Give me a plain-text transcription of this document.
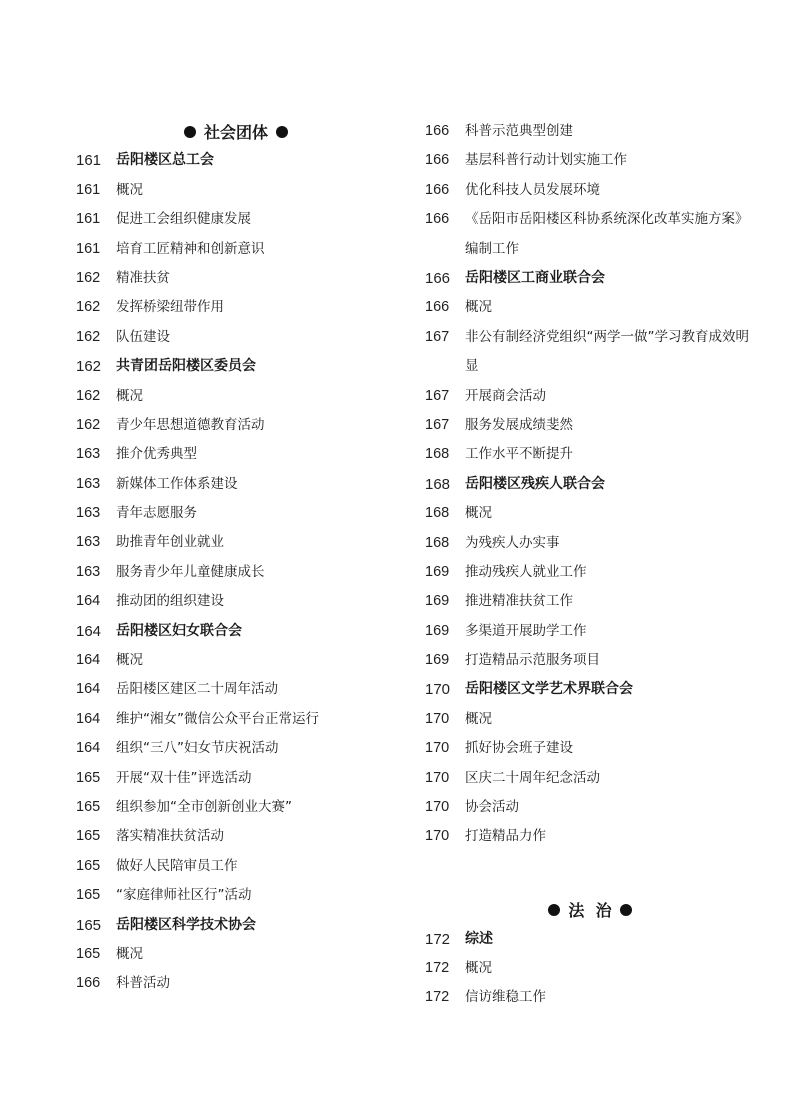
社会团体
161	岳阳楼区总工会
161	概况
161	促进工会组织健康发展
161	培育工匠精神和创新意识
162	精准扶贫
162	发挥桥梁纽带作用
162	队伍建设
162	共青团岳阳楼区委员会
162	概况
162	青少年思想道德教育活动
163	推介优秀典型
163	新媒体工作体系建设
163	青年志愿服务
163	助推青年创业就业
163	服务青少年儿童健康成长
164	推动团的组织建设
164	岳阳楼区妇女联合会
164	概况
164	岳阳楼区建区二十周年活动
164	维护“湘女”微信公众平台正常运行
164	组织“三八”妇女节庆祝活动
165	开展“双十佳”评选活动
165	组织参加“全市创新创业大赛”
165	落实精准扶贫活动
165	做好人民陪审员工作
165	“家庭律师社区行”活动
165	岳阳楼区科学技术协会
165	概况
166	科普活动
166	科普示范典型创建
166	基层科普行动计划实施工作
166	优化科技人员发展环境
166	《岳阳市岳阳楼区科协系统深化改革实施方案》编制工作
166	岳阳楼区工商业联合会
166	概况
167	非公有制经济党组织“两学一做”学习教育成效明显
167	开展商会活动
167	服务发展成绩斐然
168	工作水平不断提升
168	岳阳楼区残疾人联合会
168	概况
168	为残疾人办实事
169	推动残疾人就业工作
169	推进精准扶贫工作
169	多渠道开展助学工作
169	打造精品示范服务项目
170	岳阳楼区文学艺术界联合会
170	概况
170	抓好协会班子建设
170	区庆二十周年纪念活动
170	协会活动
170	打造精品力作
法  治
172	综述
172	概况
172	信访维稳工作
